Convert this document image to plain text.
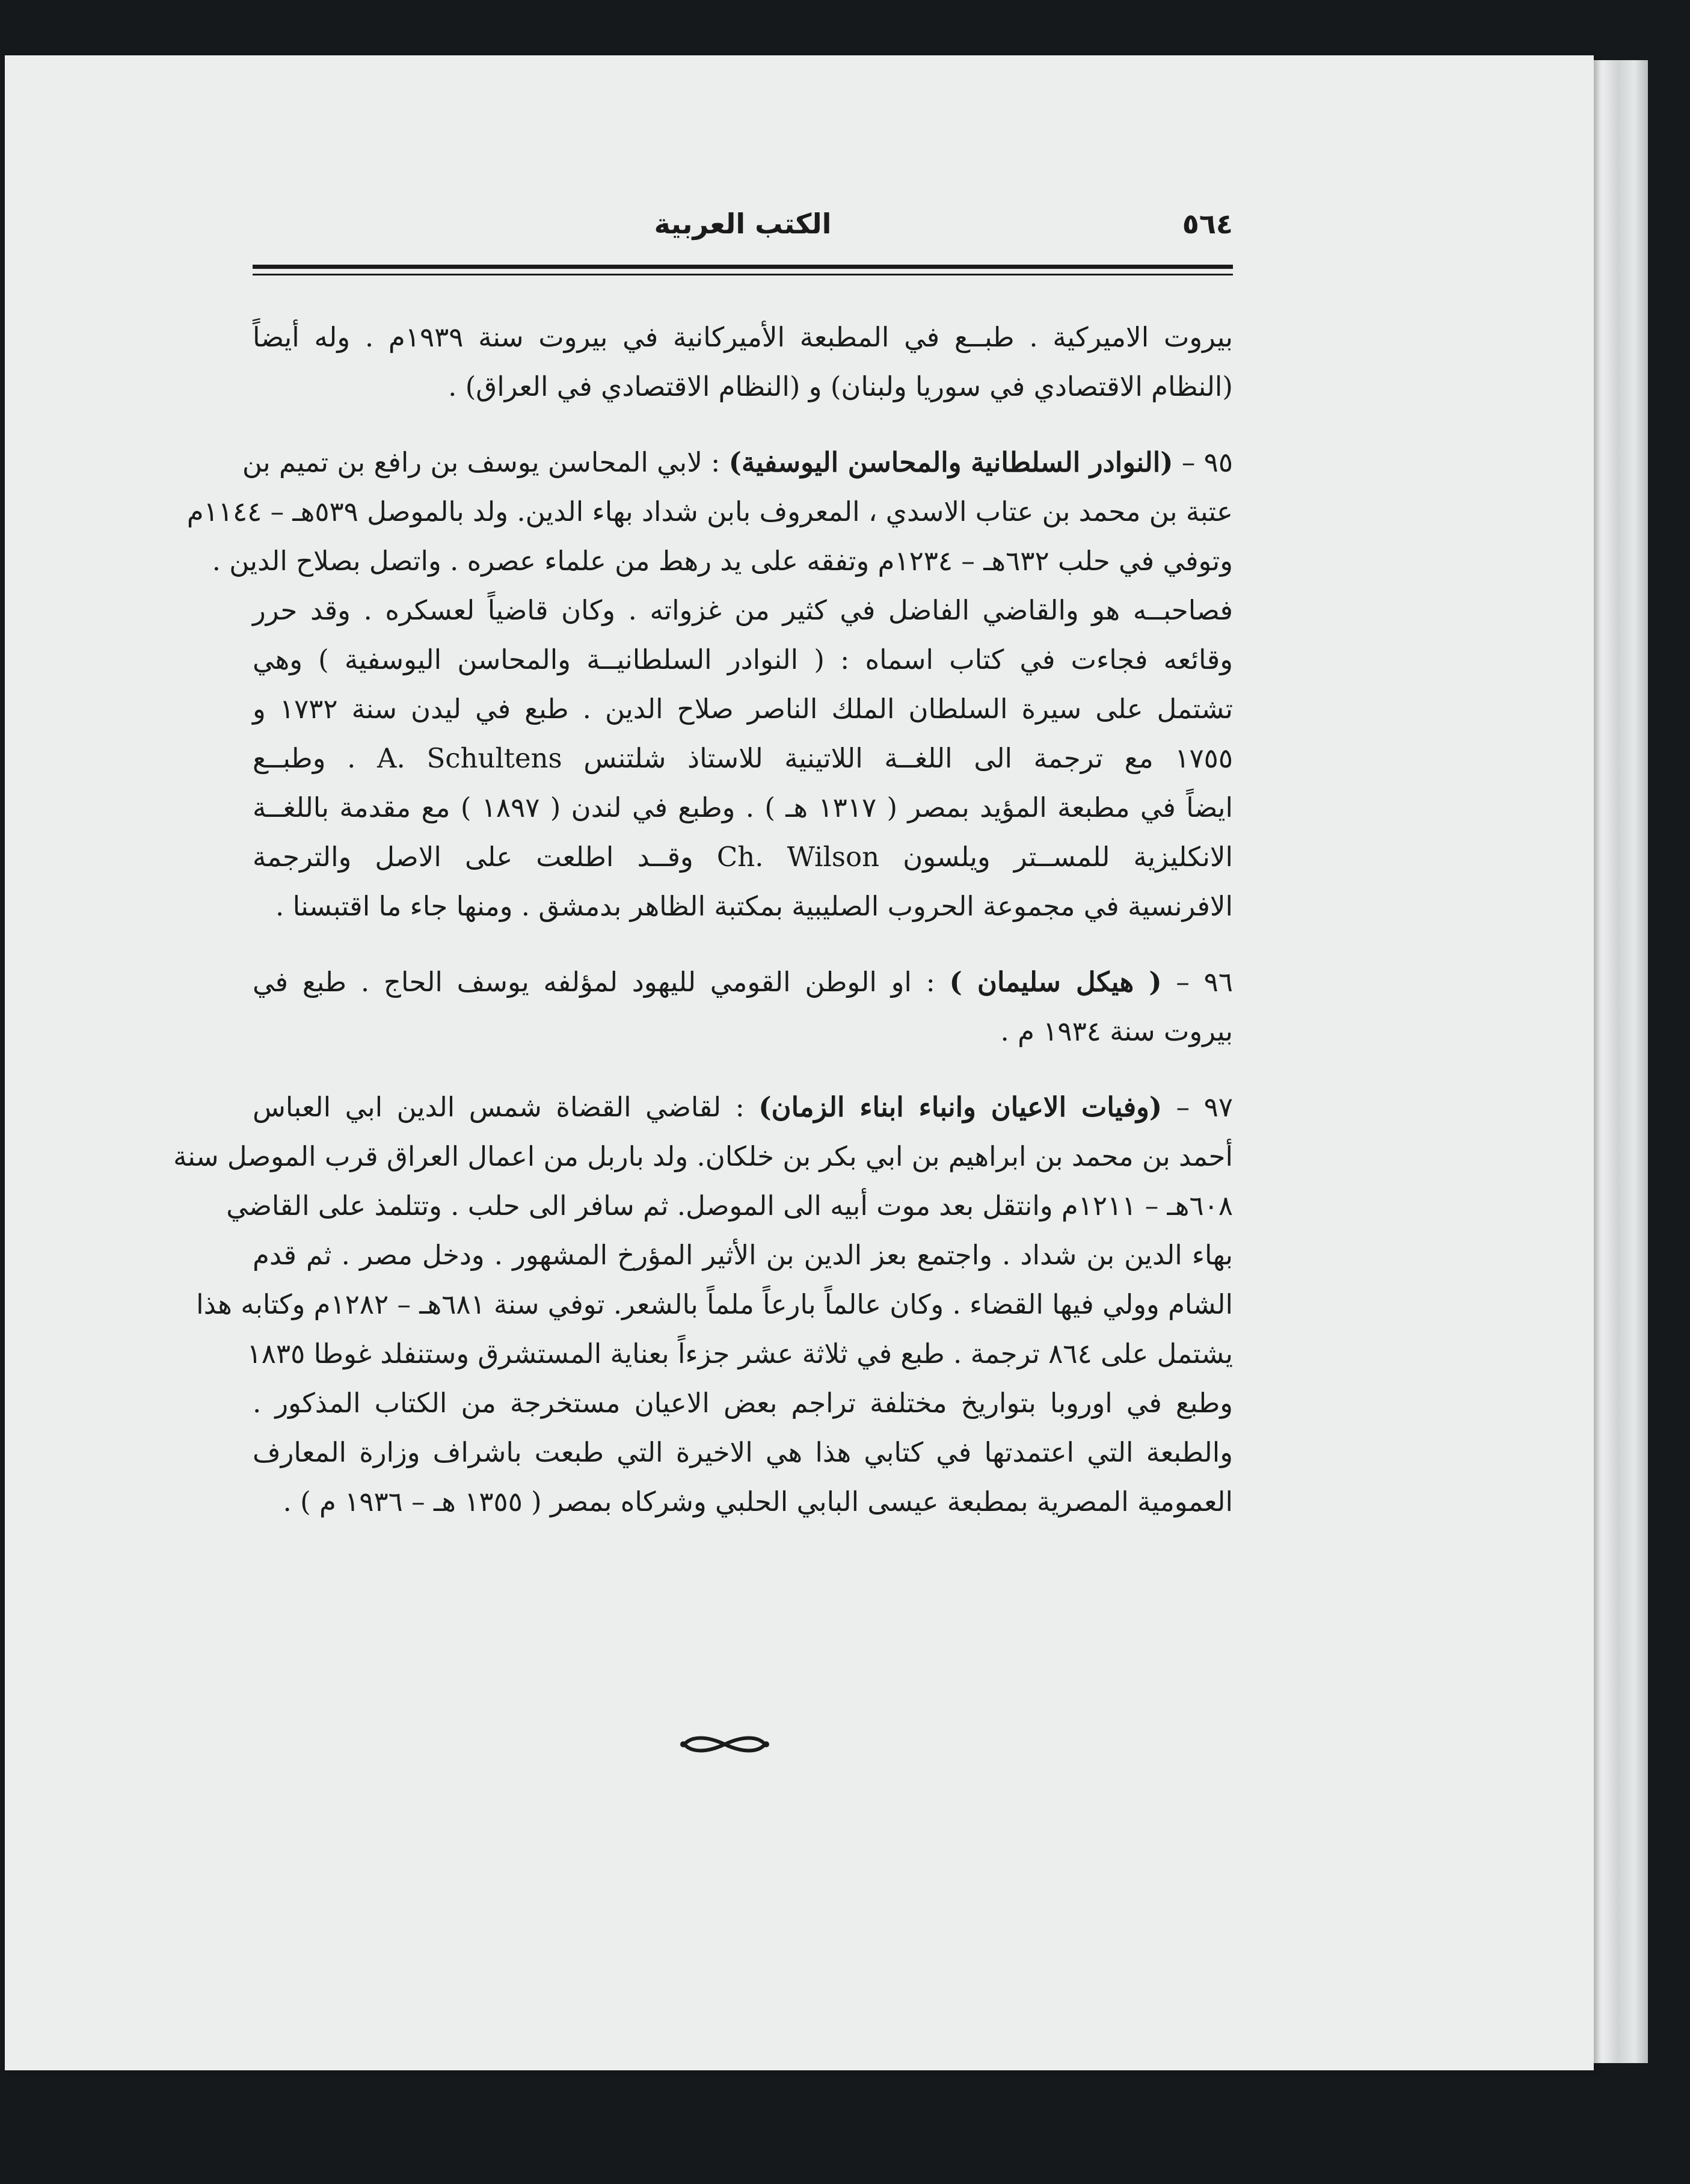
٥٦٤
الكتب العربية
بيروت الاميركية . طبــع في المطبعة الأميركانية في بيروت سنة ١٩٣٩م . وله أيضاً
(النظام الاقتصادي في سوريا ولبنان) و (النظام الاقتصادي في العراق) .
٩٥ – (النوادر السلطانية والمحاسن اليوسفية) : لابي المحاسن يوسف بن رافع بن تميم بن
عتبة بن محمد بن عتاب الاسدي ، المعروف بابن شداد بهاء الدين. ولد بالموصل ٥٣٩هـ – ١١٤٤م
وتوفي في حلب ٦٣٢هـ – ١٢٣٤م وتفقه على يد رهط من علماء عصره . واتصل بصلاح الدين .
فصاحبــه هو والقاضي الفاضل في كثير من غزواته . وكان قاضياً لعسكره . وقد حرر
وقائعه فجاءت في كتاب اسماه : ( النوادر السلطانيــة والمحاسن اليوسفية ) وهي
تشتمل على سيرة السلطان الملك الناصر صلاح الدين . طبع في ليدن سنة ١٧٣٢ و
١٧٥٥ مع ترجمة الى اللغــة اللاتينية للاستاذ شلتنس A. Schultens . وطبــع
ايضاً في مطبعة المؤيد بمصر ( ١٣١٧ هـ ) . وطبع في لندن ( ١٨٩٧ ) مع مقدمة باللغــة
الانكليزية للمســتر ويلسون Ch. Wilson وقــد اطلعت على الاصل والترجمة
الافرنسية في مجموعة الحروب الصليبية بمكتبة الظاهر بدمشق . ومنها جاء ما اقتبسنا .
٩٦ – ( هيكل سليمان ) : او الوطن القومي لليهود لمؤلفه يوسف الحاج . طبع في
بيروت سنة ١٩٣٤ م .
٩٧ – (وفيات الاعيان وانباء ابناء الزمان) : لقاضي القضاة شمس الدين ابي العباس
أحمد بن محمد بن ابراهيم بن ابي بكر بن خلكان. ولد باربل من اعمال العراق قرب الموصل سنة
٦٠٨هـ – ١٢١١م وانتقل بعد موت أبيه الى الموصل. ثم سافر الى حلب . وتتلمذ على القاضي
بهاء الدين بن شداد . واجتمع بعز الدين بن الأثير المؤرخ المشهور . ودخل مصر . ثم قدم
الشام وولي فيها القضاء . وكان عالماً بارعاً ملماً بالشعر. توفي سنة ٦٨١هـ – ١٢٨٢م وكتابه هذا
يشتمل على ٨٦٤ ترجمة . طبع في ثلاثة عشر جزءاً بعناية المستشرق وستنفلد غوطا ١٨٣٥
وطبع في اوروبا بتواريخ مختلفة تراجم بعض الاعيان مستخرجة من الكتاب المذكور .
والطبعة التي اعتمدتها في كتابي هذا هي الاخيرة التي طبعت باشراف وزارة المعارف
العمومية المصرية بمطبعة عيسى البابي الحلبي وشركاه بمصر ( ١٣٥٥ هـ – ١٩٣٦ م ) .
